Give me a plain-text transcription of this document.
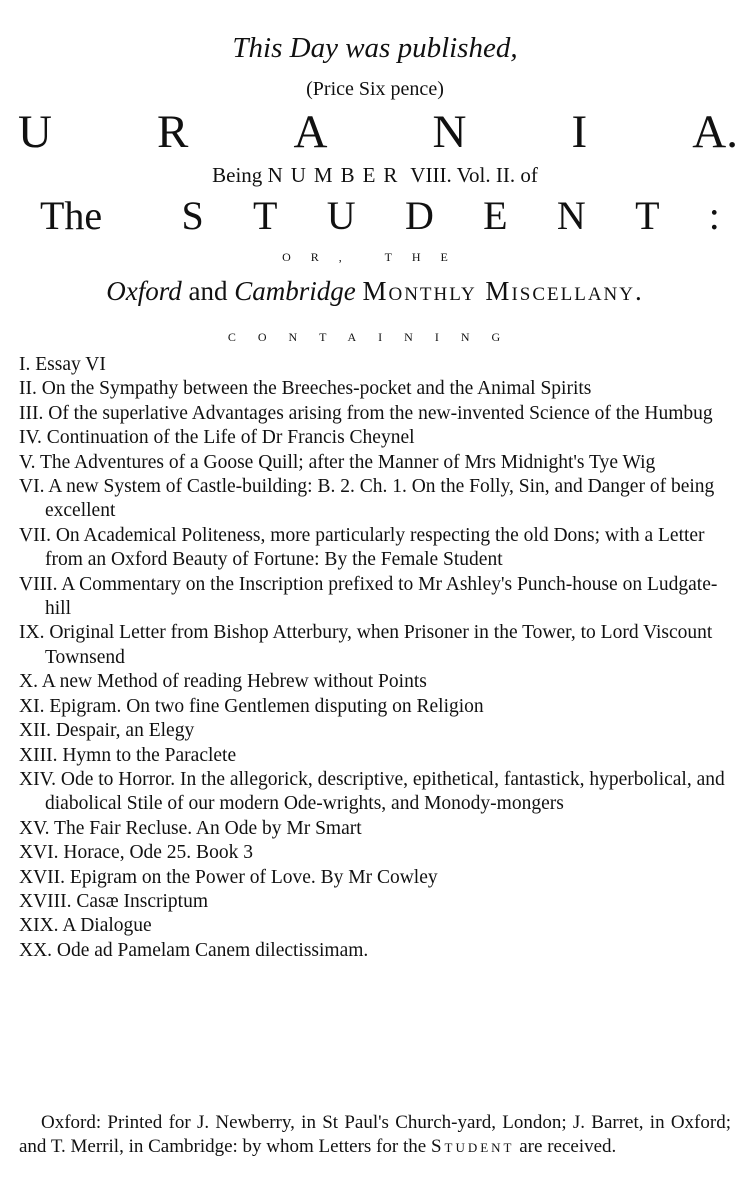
This Day was published,
(Price Six pence)
U R A N I A.
Being NUMBER VIII. Vol. II. of
The S T U D E N T :
OR, THE
Oxford and Cambridge Monthly Miscellany.
CONTAINING
I. Essay VI
II. On the Sympathy between the Breeches-pocket and the Animal Spirits
III. Of the superlative Advantages arising from the new-invented Science of the Humbug
IV. Continuation of the Life of Dr Francis Cheynel
V. The Adventures of a Goose Quill; after the Manner of Mrs Midnight's Tye Wig
VI. A new System of Castle-building: B. 2. Ch. 1. On the Folly, Sin, and Danger of being excellent
VII. On Academical Politeness, more particularly respecting the old Dons; with a Letter from an Oxford Beauty of Fortune: By the Female Student
VIII. A Commentary on the Inscription prefixed to Mr Ashley's Punch-house on Ludgate-hill
IX. Original Letter from Bishop Atterbury, when Prisoner in the Tower, to Lord Viscount Townsend
X. A new Method of reading Hebrew without Points
XI. Epigram. On two fine Gentlemen disputing on Religion
XII. Despair, an Elegy
XIII. Hymn to the Paraclete
XIV. Ode to Horror. In the allegorick, descriptive, epithetical, fantastick, hyperbolical, and diabolical Stile of our modern Ode-wrights, and Monody-mongers
XV. The Fair Recluse. An Ode by Mr Smart
XVI. Horace, Ode 25. Book 3
XVII. Epigram on the Power of Love. By Mr Cowley
XVIII. Casæ Inscriptum
XIX. A Dialogue
XX. Ode ad Pamelam Canem dilectissimam.
Oxford: Printed for J. Newberry, in St Paul's Church-yard, London; J. Barret, in Oxford; and T. Merril, in Cambridge: by whom Letters for the Student are received.
